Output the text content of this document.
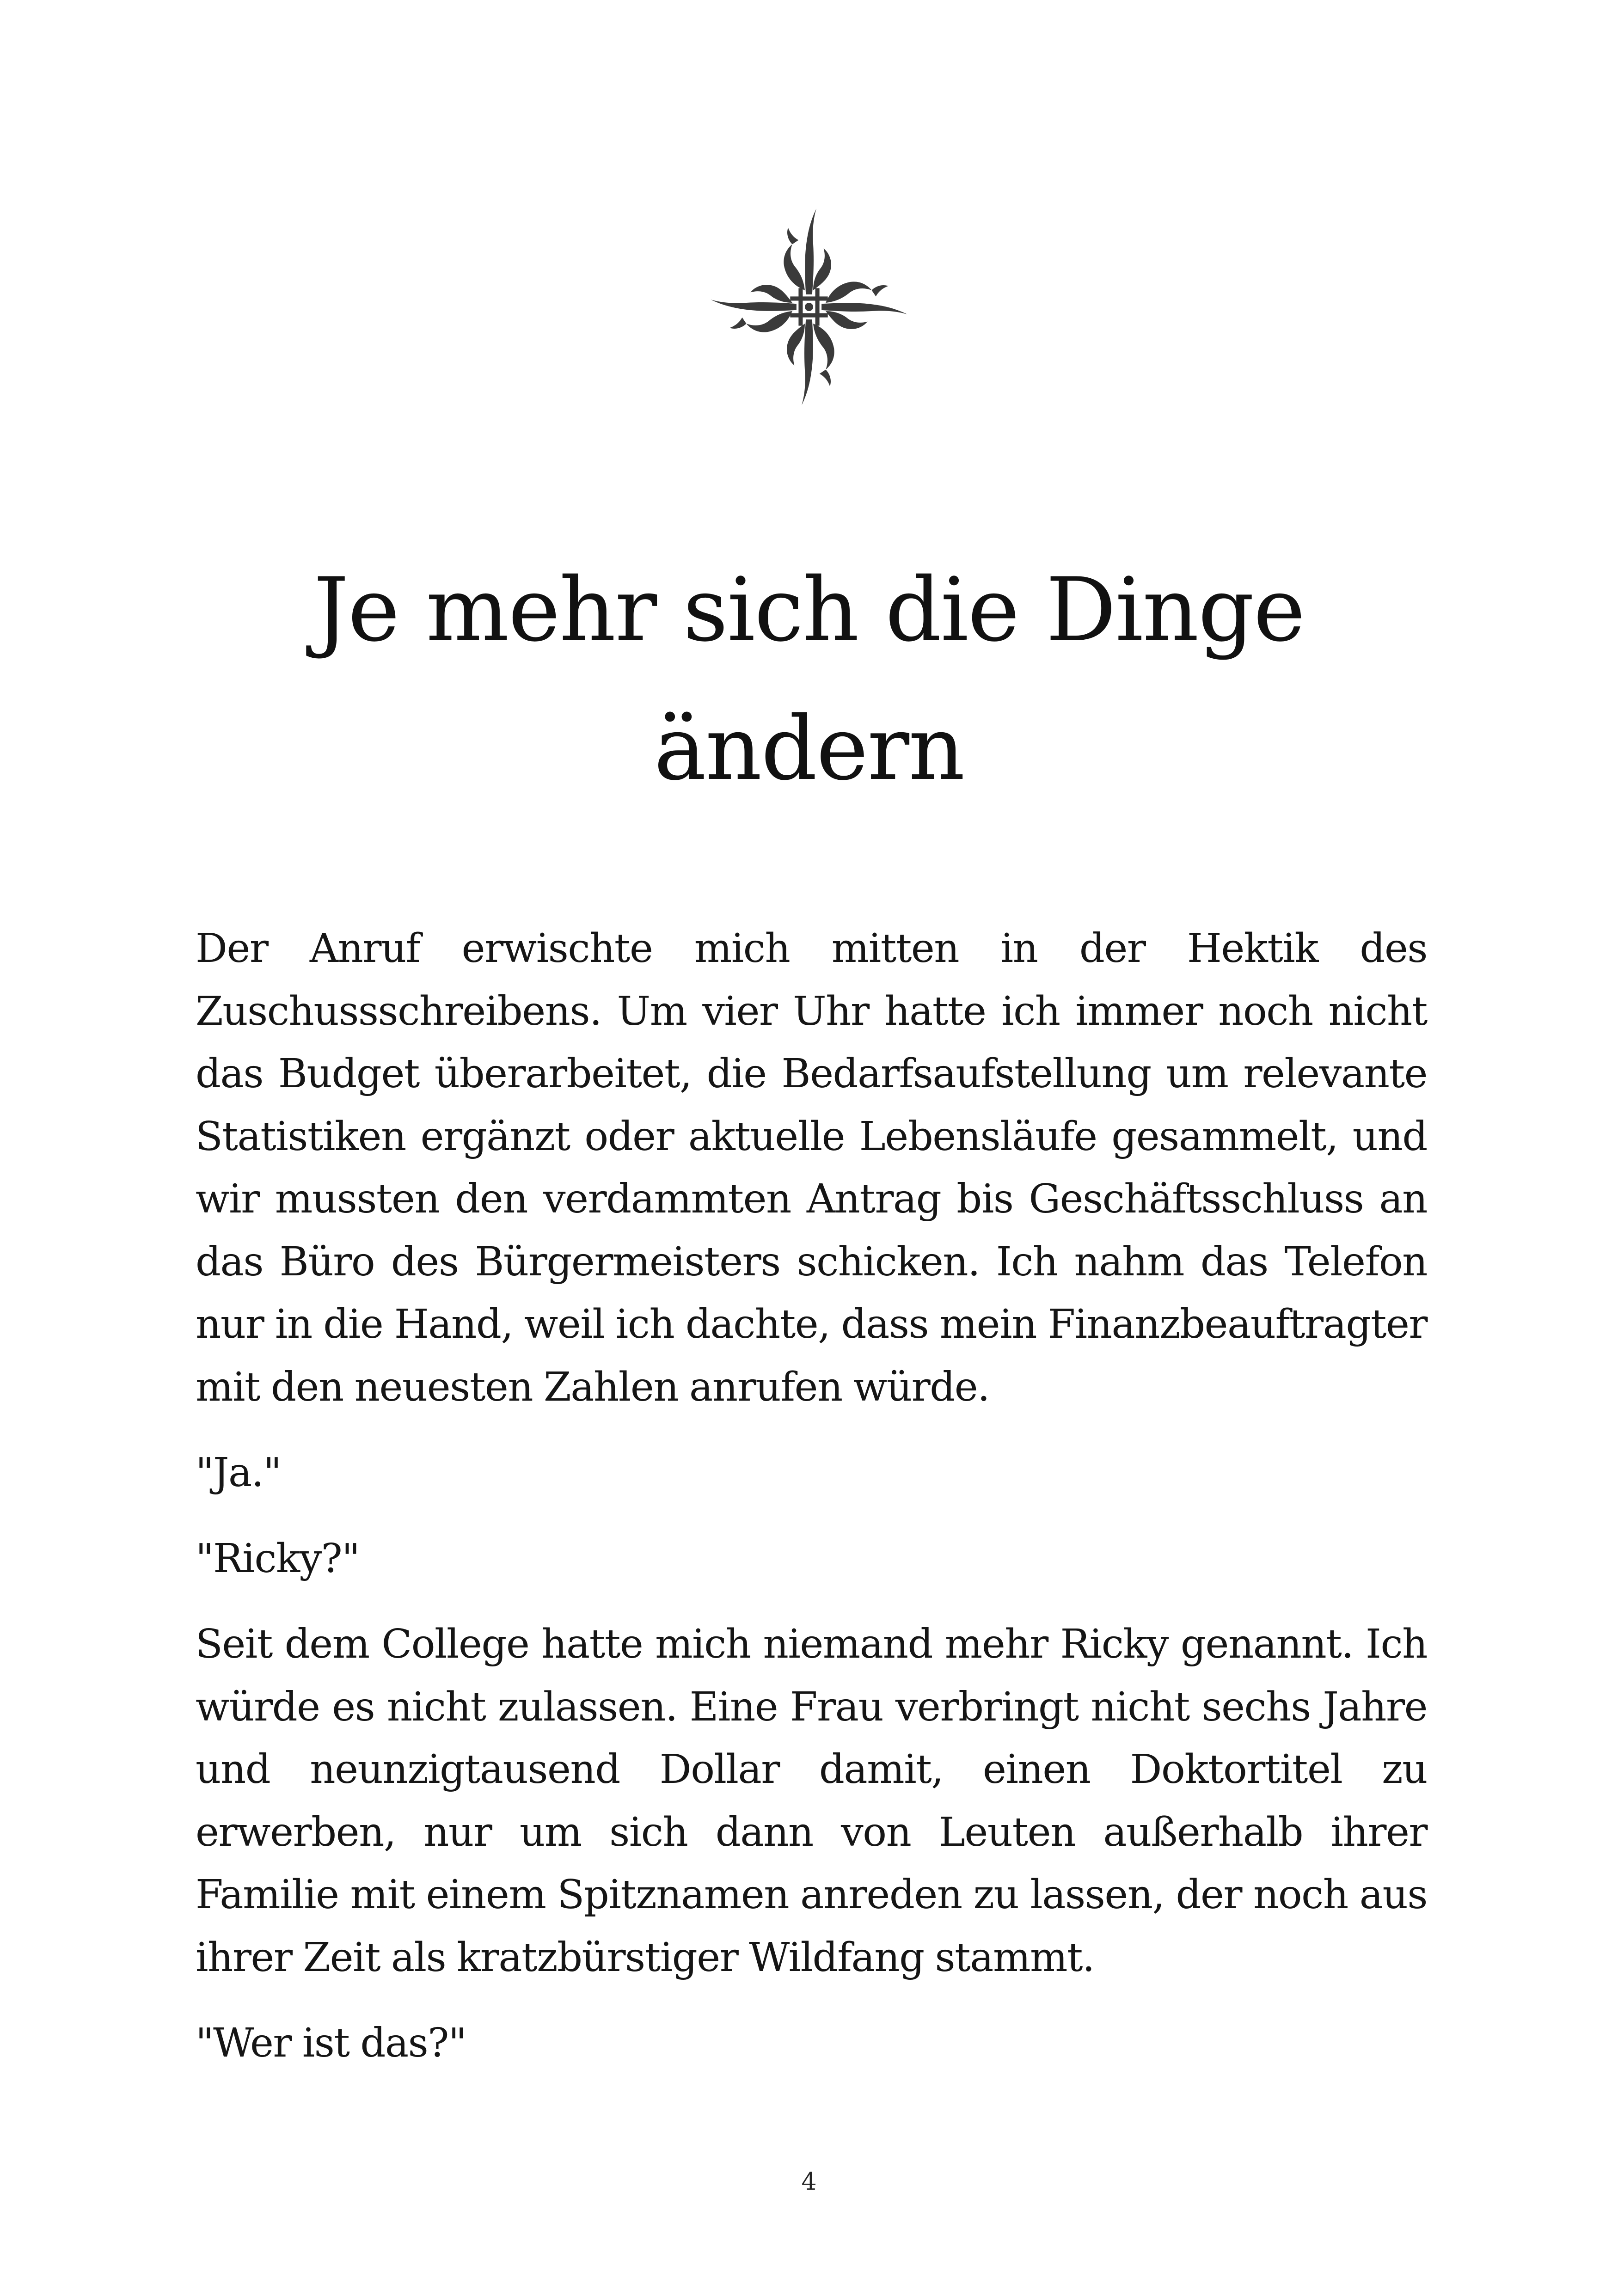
Je mehr sich die Dinge
ändern

Der Anruf erwischte mich mitten in der Hektik des Zuschussschreibens. Um vier Uhr hatte ich immer noch nicht das Budget überarbeitet, die Bedarfsaufstellung um relevante Statistiken ergänzt oder aktuelle Lebensläufe gesammelt, und wir mussten den verdammten Antrag bis Geschäftsschluss an das Büro des Bürgermeisters schicken. Ich nahm das Telefon nur in die Hand, weil ich dachte, dass mein Finanzbeauftragter mit den neuesten Zahlen anrufen würde.

"Ja."

"Ricky?"

Seit dem College hatte mich niemand mehr Ricky genannt. Ich würde es nicht zulassen. Eine Frau verbringt nicht sechs Jahre und neunzigtausend Dollar damit, einen Doktortitel zu erwerben, nur um sich dann von Leuten außerhalb ihrer Familie mit einem Spitznamen anreden zu lassen, der noch aus ihrer Zeit als kratzbürstiger Wildfang stammt.

"Wer ist das?"

4
